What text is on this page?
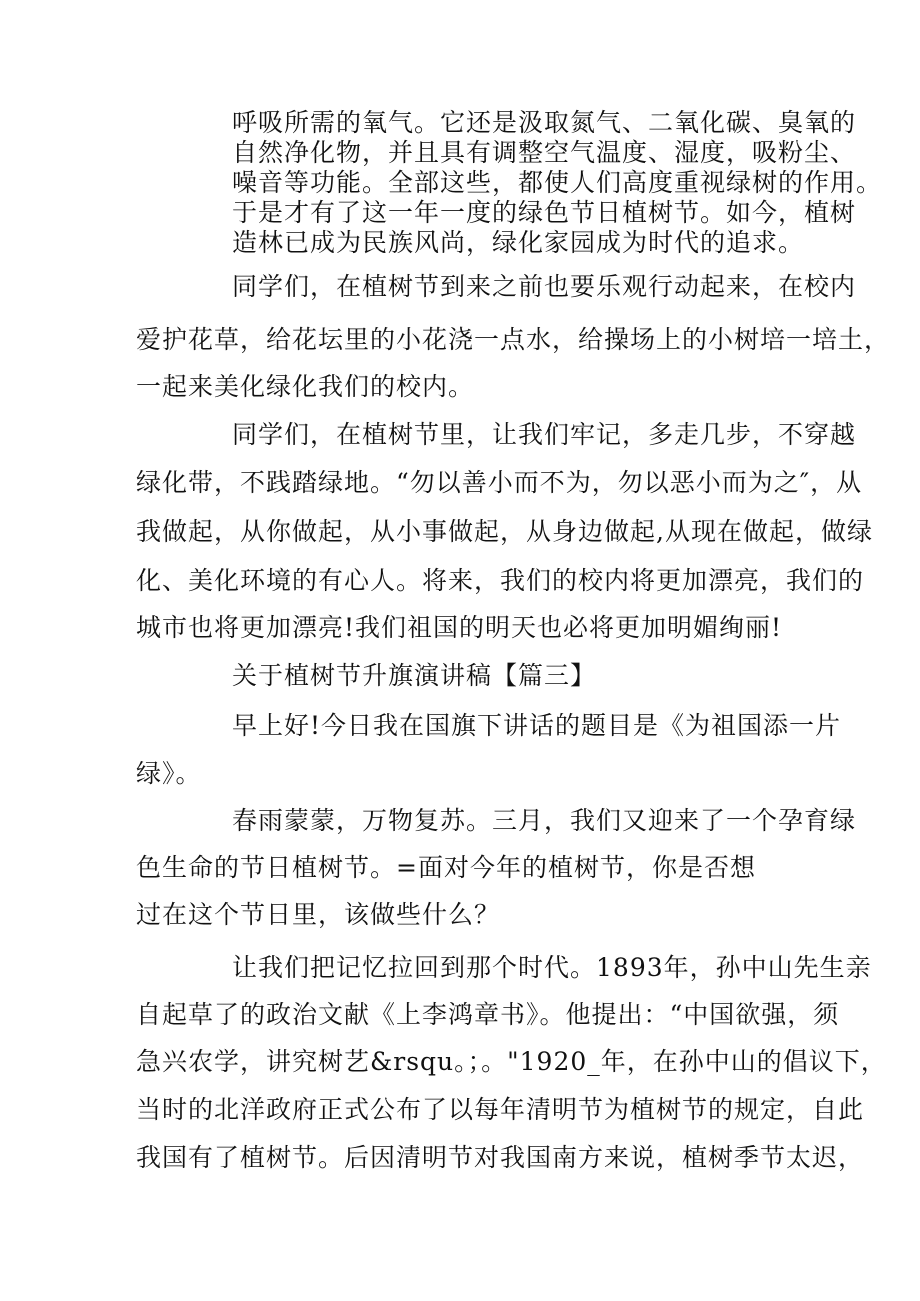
呼吸所需的氧气。它还是汲取氮气、二氧化碳、臭氧的
自然净化物，并且具有调整空气温度、湿度，吸粉尘、
噪音等功能。全部这些，都使人们高度重视绿树的作用。
于是才有了这一年一度的绿色节日植树节。如今，植树
造林已成为民族风尚，绿化家园成为时代的追求。
同学们，在植树节到来之前也要乐观行动起来，在校内
爱护花草，给花坛里的小花浇一点水，给操场上的小树培一培土，
一起来美化绿化我们的校内。
同学们，在植树节里，让我们牢记，多走几步，不穿越
绿化带，不践踏绿地。“勿以善小而不为，勿以恶小而为之″，从
我做起，从你做起，从小事做起，从身边做起,从现在做起，做绿
化、美化环境的有心人。将来，我们的校内将更加漂亮，我们的
城市也将更加漂亮!我们祖国的明天也必将更加明媚绚丽!
关于植树节升旗演讲稿【篇三】
早上好!今日我在国旗下讲话的题目是《为祖国添一片
绿》。
春雨蒙蒙，万物复苏。三月，我们又迎来了一个孕育绿
色生命的节日植树节。=面对今年的植树节，你是否想
过在这个节日里，该做些什么？
让我们把记忆拉回到那个时代。1893年，孙中山先生亲
自起草了的政治文献《上李鸿章书》。他提出：“中国欲强，须
急兴农学，讲究树艺&rsqu。；。"1920_年，在孙中山的倡议下，
当时的北洋政府正式公布了以每年清明节为植树节的规定，自此
我国有了植树节。后因清明节对我国南方来说，植树季节太迟，
